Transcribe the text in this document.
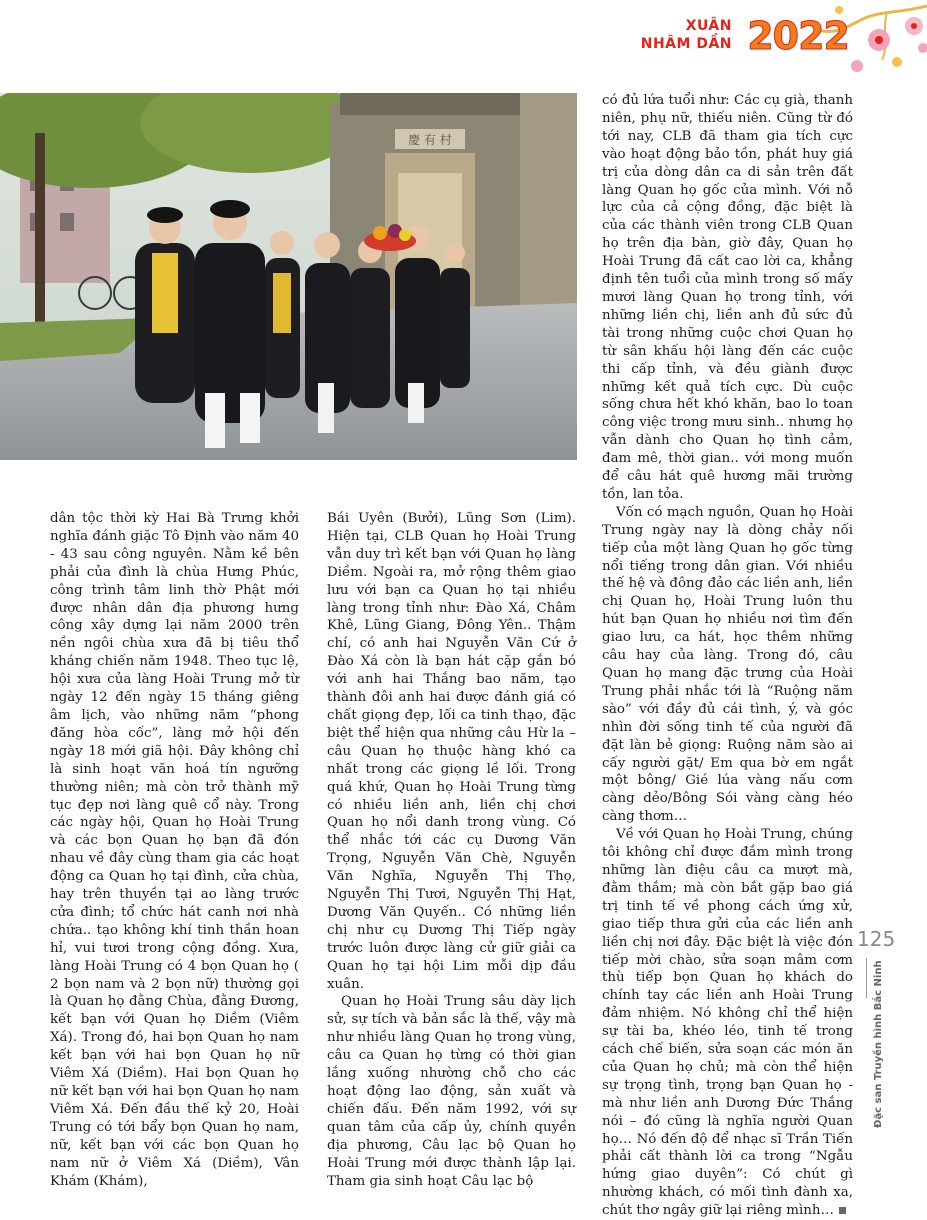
XUÂN
NHÂM DẦN 2022
慶 有 村

dân tộc thời kỳ Hai Bà Trưng khởi nghĩa đánh giặc Tô Định vào năm 40 - 43 sau công nguyên. Nằm kề bên phải của đình là chùa Hưng Phúc, công trình tâm linh thờ Phật mới được nhân dân địa phương hưng công xây dựng lại năm 2000 trên nền ngôi chùa xưa đã bị tiêu thổ kháng chiến năm 1948. Theo tục lệ, hội xưa của làng Hoài Trung mở từ ngày 12 đến ngày 15 tháng giêng âm lịch, vào những năm “phong đăng hòa cốc”, làng mở hội đến ngày 18 mới giã hội. Đây không chỉ là sinh hoạt văn hoá tín ngưỡng thường niên; mà còn trở thành mỹ tục đẹp nơi làng quê cổ này. Trong các ngày hội, Quan họ Hoài Trung và các bọn Quan họ bạn đã đón nhau về đây cùng tham gia các hoạt động ca Quan họ tại đình, cửa chùa, hay trên thuyền tại ao làng trước cửa đình; tổ chức hát canh nơi nhà chứa.. tạo không khí tinh thần hoan hỉ, vui tươi trong cộng đồng. Xưa, làng Hoài Trung có 4 bọn Quan họ ( 2 bọn nam và 2 bọn nữ) thường gọi là Quan họ đằng Chùa, đằng Đương, kết bạn với Quan họ Diềm (Viêm Xá). Trong đó, hai bọn Quan họ nam kết bạn với hai bọn Quan họ nữ Viêm Xá (Diềm). Hai bọn Quan họ nữ kết bạn với hai bọn Quan họ nam Viêm Xá. Đến đầu thế kỷ 20, Hoài Trung có tới bẩy bọn Quan họ nam, nữ, kết bạn với các bọn Quan họ nam nữ ở Viêm Xá (Diềm), Vân Khám (Khám),

Bái Uyên (Bưởi), Lũng Sơn (Lim). Hiện tại, CLB Quan họ Hoài Trung vẫn duy trì kết bạn với Quan họ làng Diềm. Ngoài ra, mở rộng thêm giao lưu với bạn ca Quan họ tại nhiều làng trong tỉnh như: Đào Xá, Châm Khê, Lũng Giang, Đông Yên.. Thậm chí, có anh hai Nguyễn Văn Cứ ở Đào Xá còn là bạn hát cặp gắn bó với anh hai Thắng bao năm, tạo thành đôi anh hai được đánh giá có chất giọng đẹp, lối ca tinh thạo, đặc biệt thể hiện qua những câu Hừ la – câu Quan họ thuộc hàng khó ca nhất trong các giọng lề lối. Trong quá khứ, Quan họ Hoài Trung từng có nhiều liền anh, liền chị chơi Quan họ nổi danh trong vùng. Có thể nhắc tới các cụ Dương Văn Trọng, Nguyễn Văn Chè, Nguyễn Văn Nghĩa, Nguyễn Thị Thọ, Nguyễn Thị Tươi, Nguyễn Thị Hạt, Dương Văn Quyến.. Có những liền chị như cụ Dương Thị Tiếp ngày trước luôn được làng cử giữ giải ca Quan họ tại hội Lim mỗi dịp đầu xuân.

Quan họ Hoài Trung sâu dày lịch sử, sự tích và bản sắc là thế, vậy mà như nhiều làng Quan họ trong vùng, câu ca Quan họ từng có thời gian lắng xuống nhường chỗ cho các hoạt động lao động, sản xuất và chiến đấu. Đến năm 1992, với sự quan tâm của cấp ủy, chính quyền địa phương, Câu lạc bộ Quan họ Hoài Trung mới được thành lập lại. Tham gia sinh hoạt Câu lạc bộ

có đủ lứa tuổi như: Các cụ già, thanh niên, phụ nữ, thiếu niên. Cũng từ đó tới nay, CLB đã tham gia tích cực vào hoạt động bảo tồn, phát huy giá trị của dòng dân ca di sản trên đất làng Quan họ gốc của mình. Với nỗ lực của cả cộng đồng, đặc biệt là của các thành viên trong CLB Quan họ trên địa bàn, giờ đây, Quan họ Hoài Trung đã cất cao lời ca, khẳng định tên tuổi của mình trong số mấy mươi làng Quan họ trong tỉnh, với những liền chị, liền anh đủ sức đủ tài trong những cuộc chơi Quan họ từ sân khấu hội làng đến các cuộc thi cấp tỉnh, và đều giành được những kết quả tích cực. Dù cuộc sống chưa hết khó khăn, bao lo toan công việc trong mưu sinh.. nhưng họ vẫn dành cho Quan họ tình cảm, đam mê, thời gian.. với mong muốn để câu hát quê hương mãi trường tồn, lan tỏa.

Vốn có mạch nguồn, Quan họ Hoài Trung ngày nay là dòng chảy nối tiếp của một làng Quan họ gốc từng nổi tiếng trong dân gian. Với nhiều thế hệ và đông đảo các liền anh, liền chị Quan họ, Hoài Trung luôn thu hút bạn Quan họ nhiều nơi tìm đến giao lưu, ca hát, học thêm những câu hay của làng. Trong đó, câu Quan họ mang đặc trưng của Hoài Trung phải nhắc tới là “Ruộng năm sào” với đầy đủ cái tình, ý, và góc nhìn đời sống tinh tế của người đã đặt làn bẻ giọng: Ruộng năm sào ai cấy người gặt/ Em qua bờ em ngắt một bông/ Gié lúa vàng nấu cơm càng dẻo/Bông Sói vàng càng héo càng thơm…

Về với Quan họ Hoài Trung, chúng tôi không chỉ được đắm mình trong những làn điệu câu ca mượt mà, đằm thắm; mà còn bắt gặp bao giá trị tinh tế về phong cách ứng xử, giao tiếp thưa gửi của các liền anh liền chị nơi đây. Đặc biệt là việc đón tiếp mời chào, sửa soạn mâm cơm thù tiếp bọn Quan họ khách do chính tay các liền anh Hoài Trung đảm nhiệm. Nó không chỉ thể hiện sự tài ba, khéo léo, tinh tế trong cách chế biến, sửa soạn các món ăn của Quan họ chủ; mà còn thể hiện sự trọng tình, trọng bạn Quan họ - mà như liền anh Dương Đức Thắng nói – đó cũng là nghĩa người Quan họ… Nó đến độ để nhạc sĩ Trần Tiến phải cất thành lời ca trong “Ngẫu hứng giao duyên”: Có chút gì nhường khách, có mối tình đành xa, chút thơ ngây giữ lại riêng mình…

125
Đặc san Truyền hình Bắc Ninh
